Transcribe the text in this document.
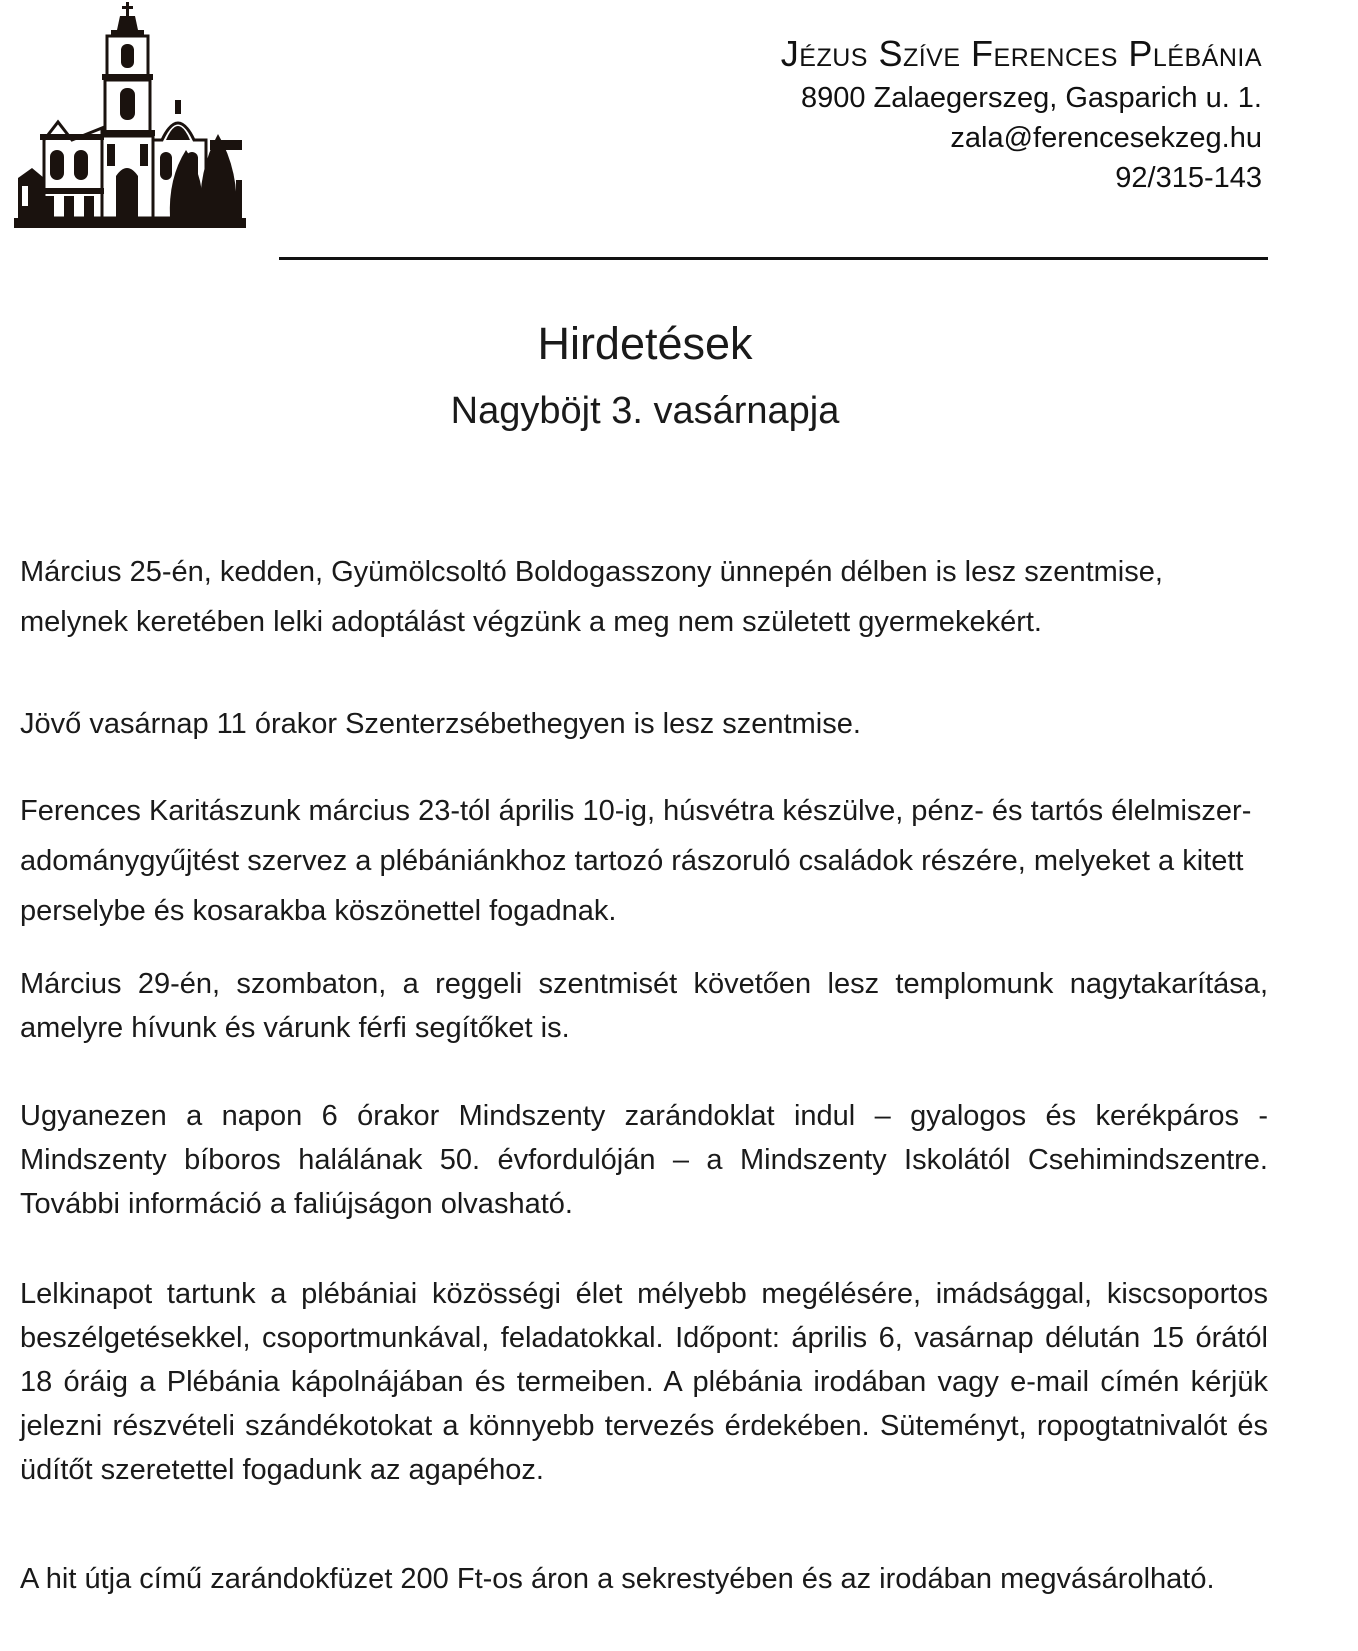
Jézus Szíve Ferences Plébánia
8900 Zalaegerszeg, Gasparich u. 1.
zala@ferencesekzeg.hu
92/315-143
Hirdetések
Nagyböjt 3. vasárnapja

Március 25-én, kedden, Gyümölcsoltó Boldogasszony ünnepén délben is lesz szentmise, melynek keretében lelki adoptálást végzünk a meg nem született gyermekekért.

Jövő vasárnap 11 órakor Szenterzsébethegyen is lesz szentmise.

Ferences Karitászunk március 23-tól április 10-ig, húsvétra készülve, pénz- és tartós élelmiszer-adománygyűjtést szervez a plébániánkhoz tartozó rászoruló családok részére, melyeket a kitett perselybe és kosarakba köszönettel fogadnak.

Március 29-én, szombaton, a reggeli szentmisét követően lesz templomunk nagytakarítása, amelyre hívunk és várunk férfi segítőket is.

Ugyanezen a napon 6 órakor Mindszenty zarándoklat indul – gyalogos és kerékpáros - Mindszenty bíboros halálának 50. évfordulóján – a Mindszenty Iskolától Csehimindszentre. További információ a faliújságon olvasható.

Lelkinapot tartunk a plébániai közösségi élet mélyebb megélésére, imádsággal, kiscsoportos beszélgetésekkel, csoportmunkával, feladatokkal. Időpont: április 6, vasárnap délután 15 órától 18 óráig a Plébánia kápolnájában és termeiben. A plébánia irodában vagy e-mail címén kérjük jelezni részvételi szándékotokat a könnyebb tervezés érdekében. Süteményt, ropogtatnivalót és üdítőt szeretettel fogadunk az agapéhoz.

A hit útja című zarándokfüzet 200 Ft-os áron a sekrestyében és az irodában megvásárolható.
